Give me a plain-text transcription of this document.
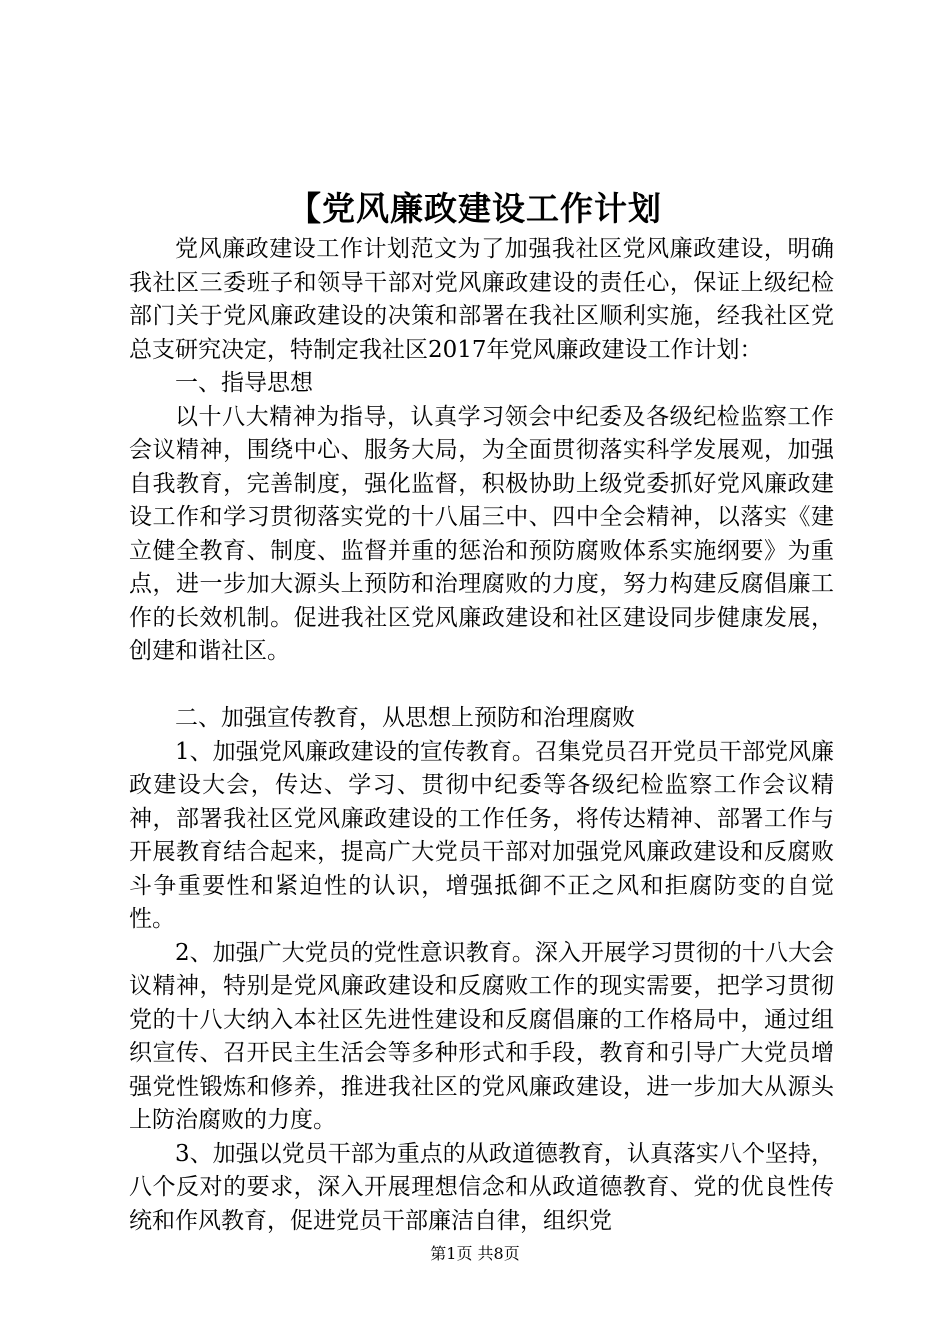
【党风廉政建设工作计划

党风廉政建设工作计划范文为了加强我社区党风廉政建设，明确我社区三委班子和领导干部对党风廉政建设的责任心，保证上级纪检部门关于党风廉政建设的决策和部署在我社区顺利实施，经我社区党总支研究决定，特制定我社区2017年党风廉政建设工作计划：

一、指导思想

以十八大精神为指导，认真学习领会中纪委及各级纪检监察工作会议精神，围绕中心、服务大局，为全面贯彻落实科学发展观，加强自我教育，完善制度，强化监督，积极协助上级党委抓好党风廉政建设工作和学习贯彻落实党的十八届三中、四中全会精神，以落实《建立健全教育、制度、监督并重的惩治和预防腐败体系实施纲要》为重点，进一步加大源头上预防和治理腐败的力度，努力构建反腐倡廉工作的长效机制。促进我社区党风廉政建设和社区建设同步健康发展，创建和谐社区。

二、加强宣传教育，从思想上预防和治理腐败

1、加强党风廉政建设的宣传教育。召集党员召开党员干部党风廉政建设大会，传达、学习、贯彻中纪委等各级纪检监察工作会议精神，部署我社区党风廉政建设的工作任务，将传达精神、部署工作与开展教育结合起来，提高广大党员干部对加强党风廉政建设和反腐败斗争重要性和紧迫性的认识，增强抵御不正之风和拒腐防变的自觉性。

2、加强广大党员的党性意识教育。深入开展学习贯彻的十八大会议精神，特别是党风廉政建设和反腐败工作的现实需要，把学习贯彻党的十八大纳入本社区先进性建设和反腐倡廉的工作格局中，通过组织宣传、召开民主生活会等多种形式和手段，教育和引导广大党员增强党性锻炼和修养，推进我社区的党风廉政建设，进一步加大从源头上防治腐败的力度。

3、加强以党员干部为重点的从政道德教育，认真落实八个坚持，八个反对的要求，深入开展理想信念和从政道德教育、党的优良性传统和作风教育，促进党员干部廉洁自律，组织党

第1页 共8页
